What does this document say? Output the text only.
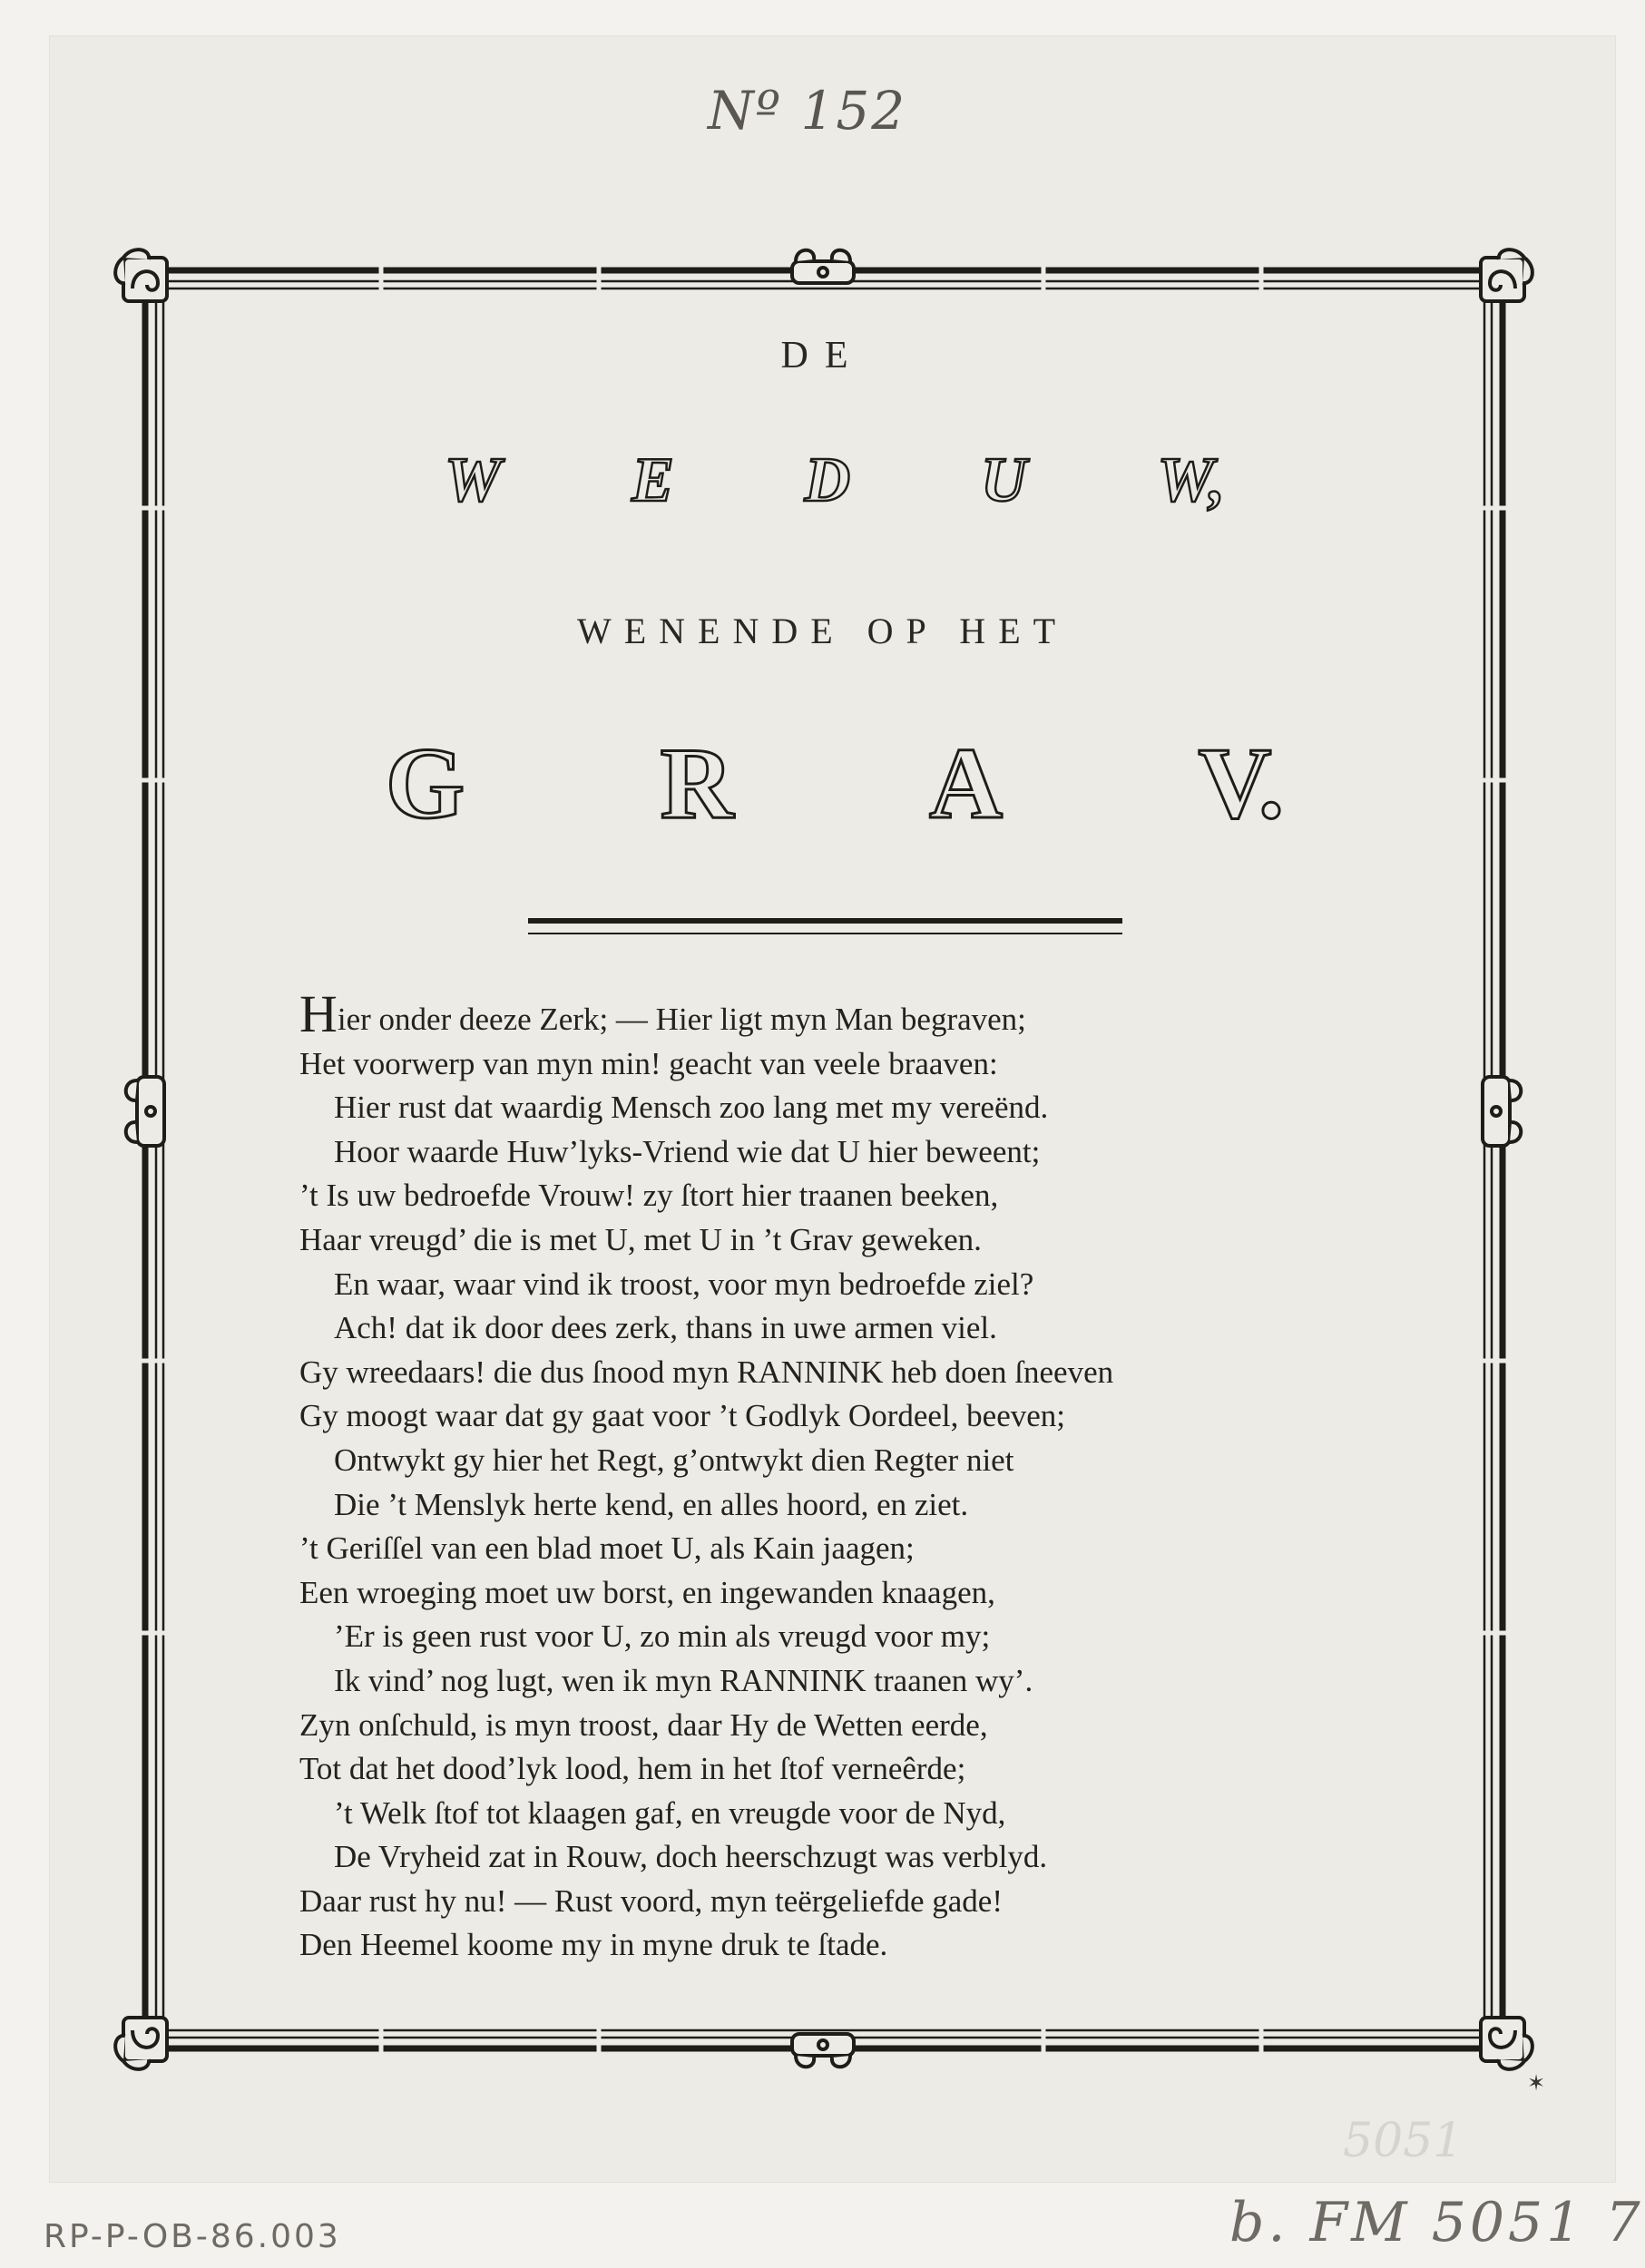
Nº 152
DE
W E D U W,
WENENDE OP HET
G R A V.
Hier onder deeze Zerk; — Hier ligt myn Man begraven;
Het voorwerp van myn min! geacht van veele braaven:
Hier rust dat waardig Mensch zoo lang met my vereënd.
Hoor waarde Huw’lyks-Vriend wie dat U hier beweent;
’t Is uw bedroefde Vrouw! zy ſtort hier traanen beeken,
Haar vreugd’ die is met U, met U in ’t Grav geweken.
En waar, waar vind ik troost, voor myn bedroefde ziel?
Ach! dat ik door dees zerk, thans in uwe armen viel.
Gy wreedaars! die dus ſnood myn RANNINK heb doen ſneeven
Gy moogt waar dat gy gaat voor ’t Godlyk Oordeel, beeven;
Ontwykt gy hier het Regt, g’ontwykt dien Regter niet
Die ’t Menslyk herte kend, en alles hoord, en ziet.
’t Geriſſel van een blad moet U, als Kain jaagen;
Een wroeging moet uw borst, en ingewanden knaagen,
’Er is geen rust voor U, zo min als vreugd voor my;
Ik vind’ nog lugt, wen ik myn RANNINK traanen wy’.
Zyn onſchuld, is myn troost, daar Hy de Wetten eerde,
Tot dat het dood’lyk lood, hem in het ſtof verneêrde;
’t Welk ſtof tot klaagen gaf, en vreugde voor de Nyd,
De Vryheid zat in Rouw, doch heerschzugt was verblyd.
Daar rust hy nu! — Rust voord, myn teërgeliefde gade!
Den Heemel koome my in myne druk te ſtade.
5051
✶
RP-P-OB-86.003	b. FM 5051 7
